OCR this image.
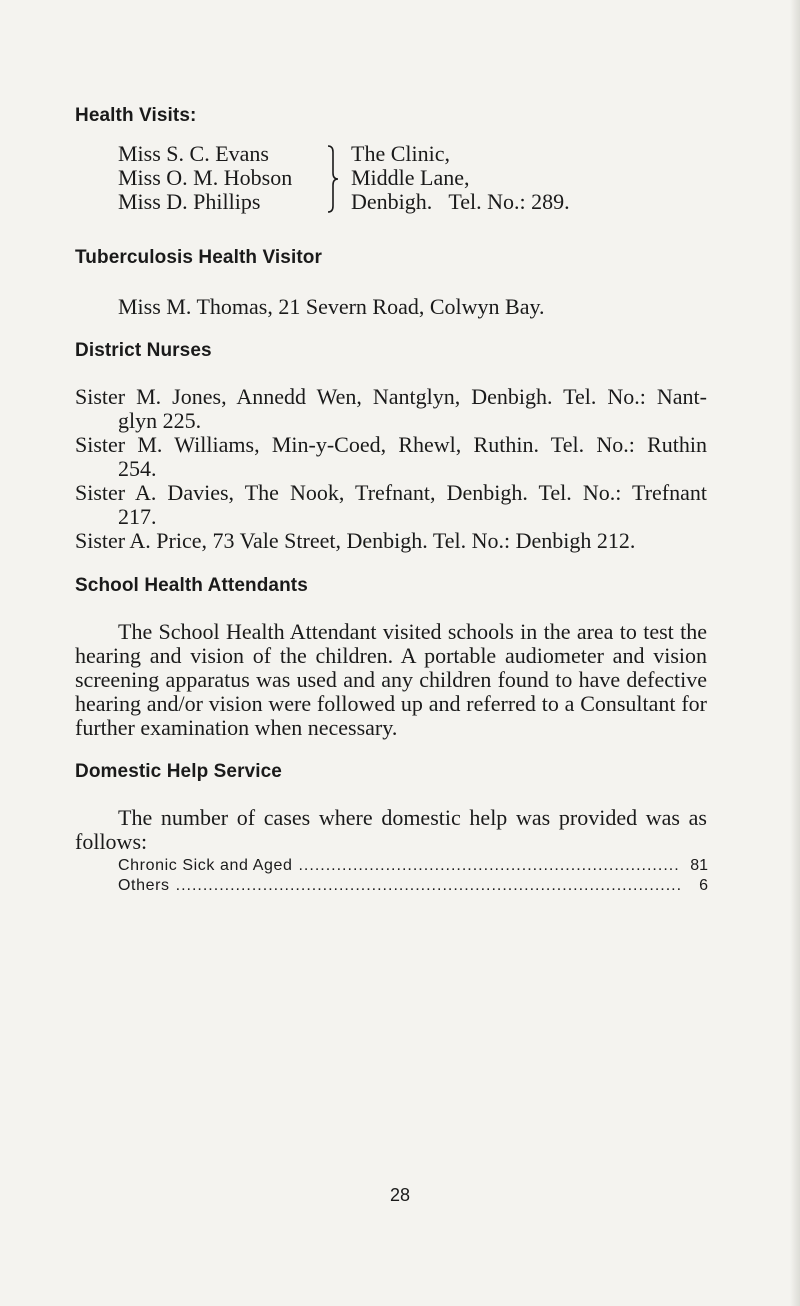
Health Visits:
Miss S. C. Evans
Miss O. M. Hobson
Miss D. Phillips
The Clinic,
Middle Lane,
Denbigh.   Tel. No.: 289.
Tuberculosis Health Visitor
Miss M. Thomas, 21 Severn Road, Colwyn Bay.
District Nurses
Sister M. Jones, Annedd Wen, Nantglyn, Denbigh. Tel. No.: Nant-
glyn 225.
Sister M. Williams, Min-y-Coed, Rhewl, Ruthin. Tel. No.: Ruthin
254.
Sister A. Davies, The Nook, Trefnant, Denbigh. Tel. No.: Trefnant
217.
Sister A. Price, 73 Vale Street, Denbigh. Tel. No.: Denbigh 212.
School Health Attendants
The School Health Attendant visited schools in the area to test the hearing and vision of the children. A portable audiometer and vision screening apparatus was used and any children found to have defective hearing and/or vision were followed up and referred to a Consultant for further examination when necessary.
Domestic Help Service
The number of cases where domestic help was provided was as follows:
Chronic Sick and Aged .....	81
Others .....	6
28
